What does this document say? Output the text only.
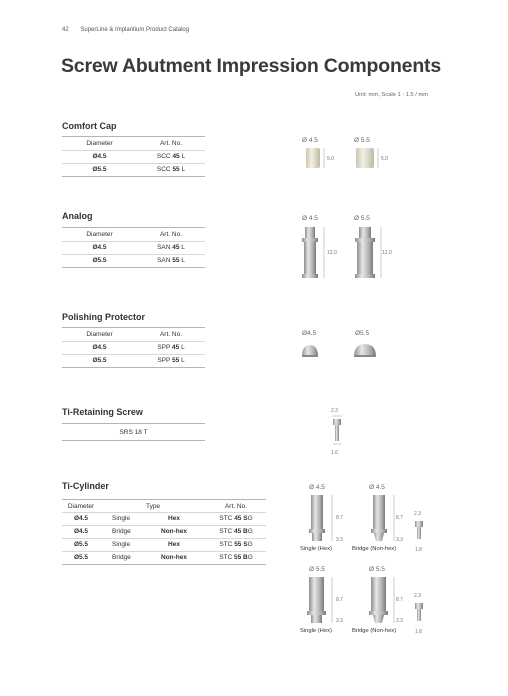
42 SuperLine & Implantium Product Catalog
Screw Abutment Impression Components
Unit: mm, Scale 1 : 1.5 / mm
Comfort Cap
Diameter	Art. No.
Ø4.5	SCC 45 L
Ø5.5	SCC 55 L
Ø 4.5	Ø 5.5
5.0	5.0
Analog
Diameter	Art. No.
Ø4.5	SAN 45 L
Ø5.5	SAN 55 L
Ø 4.5	Ø 5.5
12.0	12.0
Polishing Protector
Diameter	Art. No.
Ø4.5	SPP 45 L
Ø5.5	SPP 55 L
Ø4.5	Ø5.5
Ti-Retaining Screw
SRS 18 T
2.3
1.6
Ti-Cylinder
Diameter	Type	Art. No.
Ø4.5	Single	Hex	STC 45 SG
Ø4.5	Bridge	Non-hex	STC 45 BG
Ø5.5	Single	Hex	STC 55 SG
Ø5.5	Bridge	Non-hex	STC 55 BG
Ø 4.5	Ø 4.5
8.7
3.3
8.7
3.3
2.3
1.8
Single (Hex)	Bridge (Non-hex)
Ø 5.5	Ø 5.5
8.7
3.3
8.7
3.3
2.3
1.8
Single (Hex)	Bridge (Non-hex)
